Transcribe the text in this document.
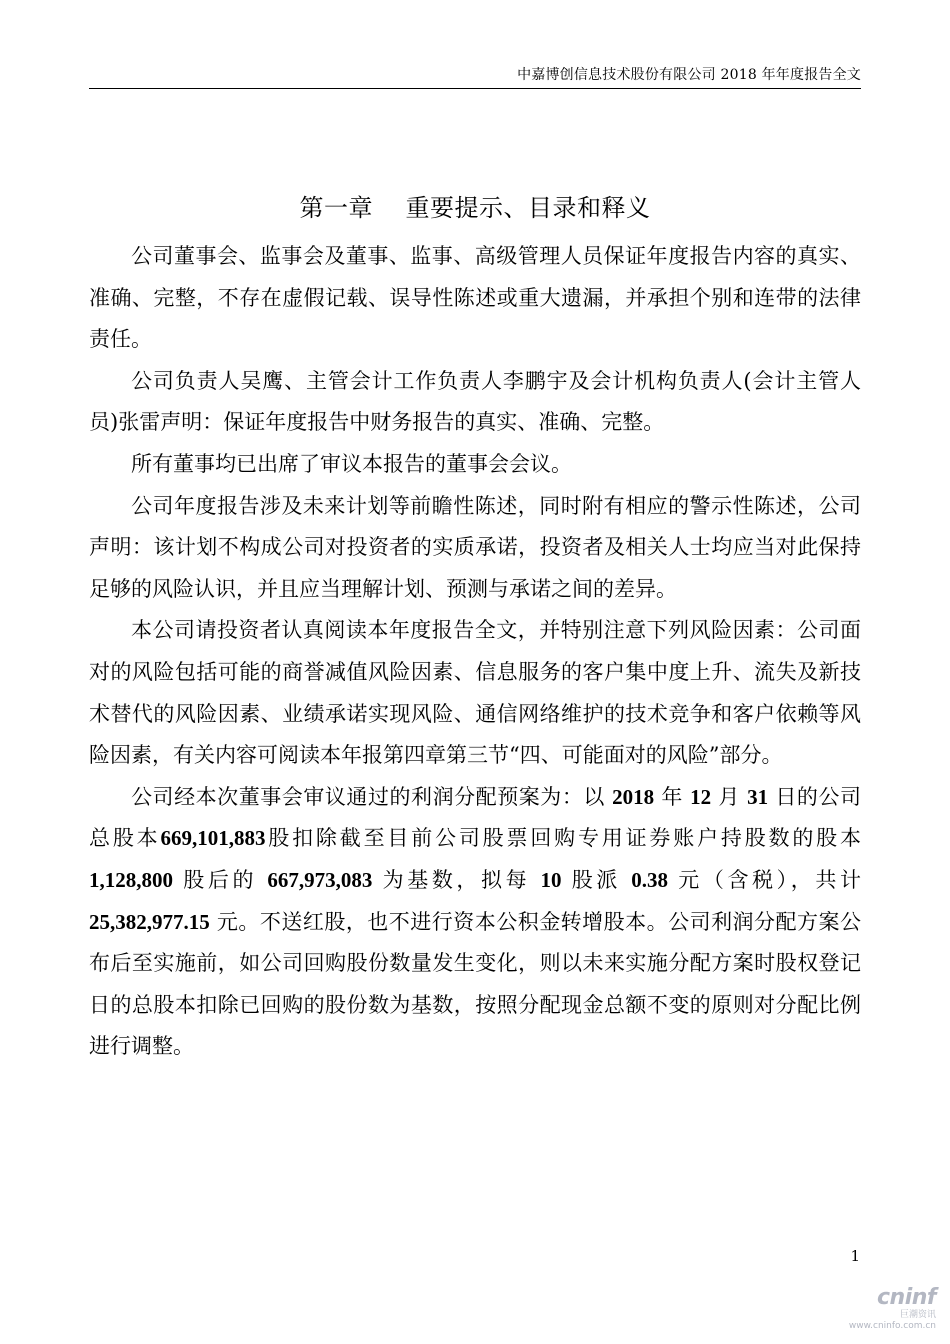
中嘉博创信息技术股份有限公司 2018 年年度报告全文
第一章    重要提示、目录和释义

公司董事会、监事会及董事、监事、高级管理人员保证年度报告内容的真实、准确、完整，不存在虚假记载、误导性陈述或重大遗漏，并承担个别和连带的法律责任。

公司负责人吴鹰、主管会计工作负责人李鹏宇及会计机构负责人(会计主管人员)张雷声明：保证年度报告中财务报告的真实、准确、完整。

所有董事均已出席了审议本报告的董事会会议。

公司年度报告涉及未来计划等前瞻性陈述，同时附有相应的警示性陈述，公司声明：该计划不构成公司对投资者的实质承诺，投资者及相关人士均应当对此保持足够的风险认识，并且应当理解计划、预测与承诺之间的差异。

本公司请投资者认真阅读本年度报告全文，并特别注意下列风险因素：公司面对的风险包括可能的商誉减值风险因素、信息服务的客户集中度上升、流失及新技术替代的风险因素、业绩承诺实现风险、通信网络维护的技术竞争和客户依赖等风险因素，有关内容可阅读本年报第四章第三节“四、可能面对的风险”部分。

公司经本次董事会审议通过的利润分配预案为：以 2018 年 12 月 31 日的公司总股本669,101,883股扣除截至目前公司股票回购专用证券账户持股数的股本1,128,800 股后的 667,973,083 为基数，拟每 10 股派 0.38 元（含税），共计25,382,977.15 元。不送红股，也不进行资本公积金转增股本。公司利润分配方案公布后至实施前，如公司回购股份数量发生变化，则以未来实施分配方案时股权登记日的总股本扣除已回购的股份数为基数，按照分配现金总额不变的原则对分配比例进行调整。

1
cninf
巨潮资讯
www.cninfo.com.cn
